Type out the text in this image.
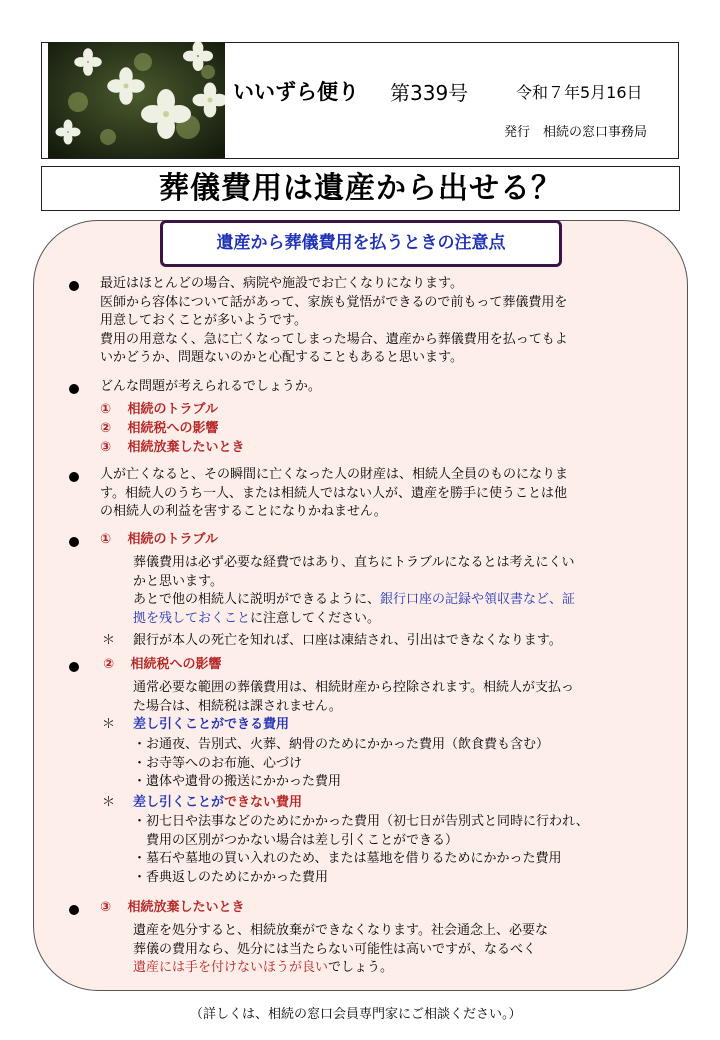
いいずら便り 第339号	令和７年5月16日
発行　相続の窓口事務局
葬儀費用は遺産から出せる？
遺産から葬儀費用を払うときの注意点
最近はほとんどの場合、病院や施設でお亡くなりになります。
医師から容体について話があって、家族も覚悟ができるので前もって葬儀費用を
用意しておくことが多いようです。
費用の用意なく、急に亡くなってしまった場合、遺産から葬儀費用を払ってもよ
いかどうか、問題ないのかと心配することもあると思います。
どんな問題が考えられるでしょうか。
① 相続のトラブル
② 相続税への影響
③ 相続放棄したいとき
人が亡くなると、その瞬間に亡くなった人の財産は、相続人全員のものになりま
す。相続人のうち一人、または相続人ではない人が、遺産を勝手に使うことは他
の相続人の利益を害することになりかねません。
① 相続のトラブル
葬儀費用は必ず必要な経費ではあり、直ちにトラブルになるとは考えにくい
かと思います。
あとで他の相続人に説明ができるように、銀行口座の記録や領収書など、証
拠を残しておくことに注意してください。
＊ 銀行が本人の死亡を知れば、口座は凍結され、引出はできなくなります。
② 相続税への影響
通常必要な範囲の葬儀費用は、相続財産から控除されます。相続人が支払っ
た場合は、相続税は課されません。
＊ 差し引くことができる費用
・お通夜、告別式、火葬、納骨のためにかかった費用（飲食費も含む）
・お寺等へのお布施、心づけ
・遺体や遺骨の搬送にかかった費用
＊ 差し引くことができない費用
・初七日や法事などのためにかかった費用（初七日が告別式と同時に行われ、
　費用の区別がつかない場合は差し引くことができる）
・墓石や墓地の買い入れのため、または墓地を借りるためにかかった費用
・香典返しのためにかかった費用
③ 相続放棄したいとき
遺産を処分すると、相続放棄ができなくなります。社会通念上、必要な
葬儀の費用なら、処分には当たらない可能性は高いですが、なるべく
遺産には手を付けないほうが良いでしょう。
（詳しくは、相続の窓口会員専門家にご相談ください。）
